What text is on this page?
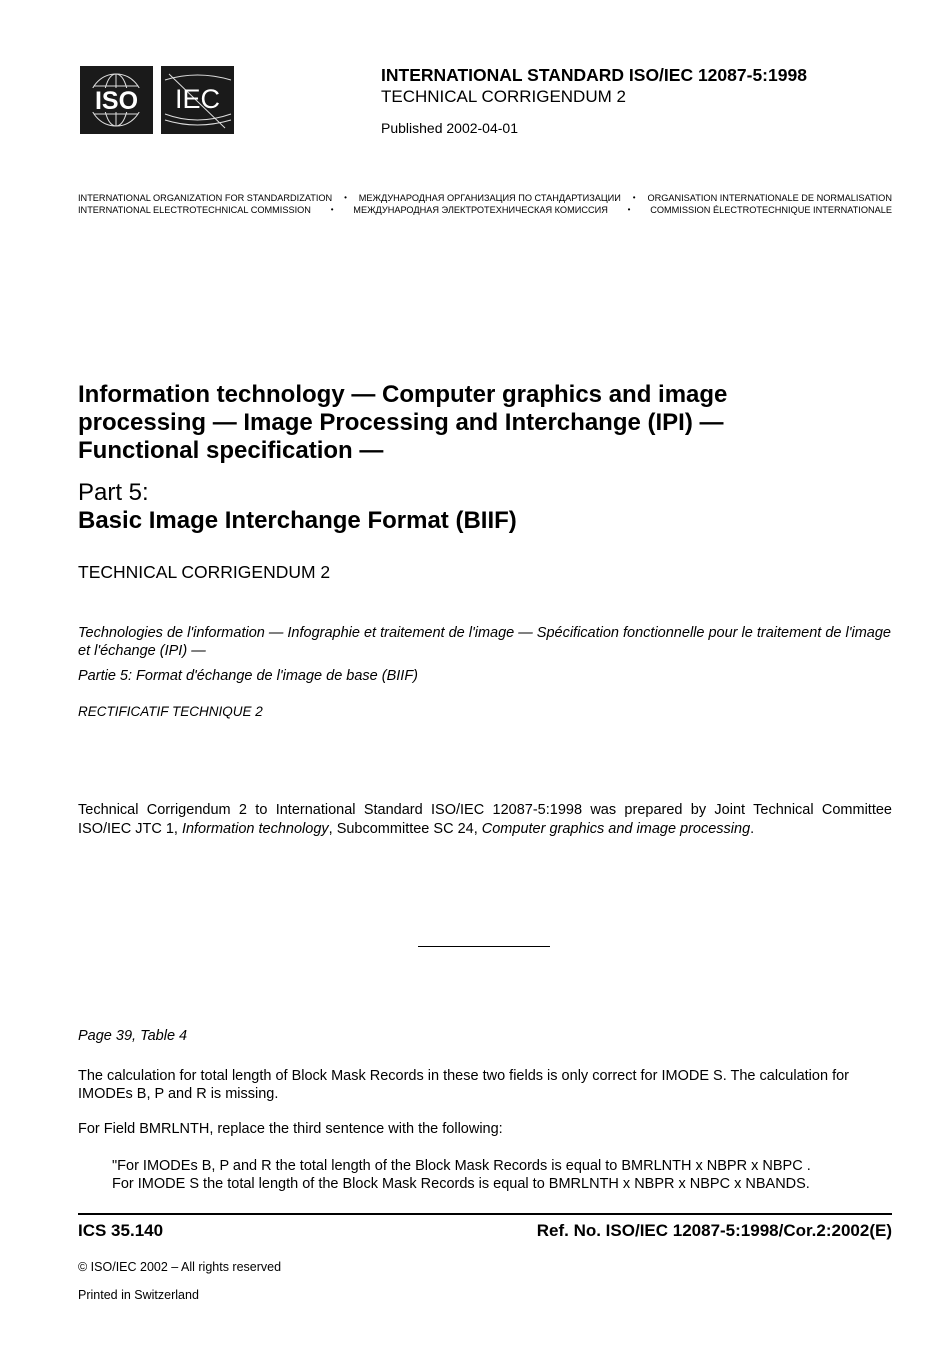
ISO IEC
INTERNATIONAL STANDARD ISO/IEC 12087-5:1998
TECHNICAL CORRIGENDUM 2
Published 2002-04-01
INTERNATIONAL ORGANIZATION FOR STANDARDIZATION • МЕЖДУНАРОДНАЯ ОРГАНИЗАЦИЯ ПО СТАНДАРТИЗАЦИИ • ORGANISATION INTERNATIONALE DE NORMALISATION
INTERNATIONAL ELECTROTECHNICAL COMMISSION • МЕЖДУНАРОДНАЯ ЭЛЕКТРОТЕХНИЧЕСКАЯ КОМИССИЯ • COMMISSION ÉLECTROTECHNIQUE INTERNATIONALE
Information technology — Computer graphics and image processing — Image Processing and Interchange (IPI) — Functional specification —
Part 5:
Basic Image Interchange Format (BIIF)
TECHNICAL CORRIGENDUM 2
Technologies de l'information — Infographie et traitement de l'image — Spécification fonctionnelle pour le traitement de l'image et l'échange (IPI) —
Partie 5: Format d'échange de l'image de base (BIIF)
RECTIFICATIF TECHNIQUE 2
Technical Corrigendum 2 to International Standard ISO/IEC 12087-5:1998 was prepared by Joint Technical Committee ISO/IEC JTC 1, Information technology, Subcommittee SC 24, Computer graphics and image processing.
Page 39, Table 4
The calculation for total length of Block Mask Records in these two fields is only correct for IMODE S. The calculation for IMODEs B, P and R is missing.
For Field BMRLNTH, replace the third sentence with the following:
"For IMODEs B, P and R the total length of the Block Mask Records is equal to BMRLNTH x NBPR x NBPC .
For IMODE S the total length of the Block Mask Records is equal to BMRLNTH x NBPR x NBPC x NBANDS.
ICS 35.140	Ref. No. ISO/IEC 12087-5:1998/Cor.2:2002(E)
© ISO/IEC 2002 – All rights reserved
Printed in Switzerland
